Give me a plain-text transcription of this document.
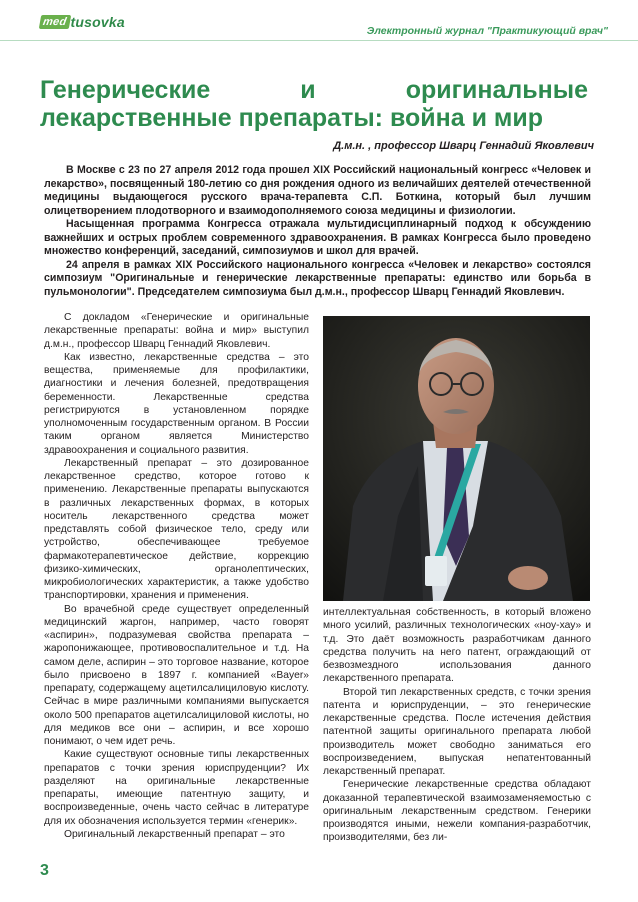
med tusovka
Электронный журнал "Практикующий врач"
Генерические и оригинальные лекарственные препараты: война и мир
Д.м.н. , профессор Шварц Геннадий Яковлевич

В Москве с 23 по 27 апреля 2012 года прошел XIX Российский национальный конгресс «Человек и лекарство», посвященный 180-летию со дня рождения одного из величайших деятелей отечественной медицины выдающегося русского врача-терапевта С.П. Боткина, который был лучшим олицетворением плодотворного и взаимодополняемого союза медицины и физиологии.

Насыщенная программа Конгресса отражала мультидисциплинарный подход к обсуждению важнейших и острых проблем современного здравоохранения. В рамках Конгресса было проведено множество конференций, заседаний, симпозиумов и школ для врачей.

24 апреля в рамках XIX Российского национального конгресса «Человек и лекарство» состоялся симпозиум "Оригинальные и генерические лекарственные препараты: единство или борьба в пульмонологии". Председателем симпозиума был д.м.н., профессор Шварц Геннадий Яковлевич.

С докладом «Генерические и оригинальные лекарственные препараты: война и мир» выступил д.м.н., профессор Шварц Геннадий Яковлевич.

Как известно, лекарственные средства – это вещества, применяемые для профилактики, диагностики и лечения болезней, предотвращения беременности. Лекарственные средства регистрируются в установленном порядке уполномоченным государственным органом. В России таким органом является Министерство здравоохранения и социального развития.

Лекарственный препарат – это дозированное лекарственное средство, которое готово к применению. Лекарственные препараты выпускаются в различных лекарственных формах, в которых носитель лекарственного средства может представлять собой физическое тело, среду или устройство, обеспечивающее требуемое фармакотерапевтическое действие, коррекцию физико-химических, органолептических, микробиологических характеристик, а также удобство транспортировки, хранения и применения.

Во врачебной среде существует определенный медицинский жаргон, например, часто говорят «аспирин», подразумевая свойства препарата – жаропонижающее, противовоспалительное и т.д. На самом деле, аспирин – это торговое название, которое было присвоено в 1897 г. компанией «Bayer» препарату, содержащему ацетилсалициловую кислоту. Сейчас в мире различными компаниями выпускается около 500 препаратов ацетилсалициловой кислоты, но для медиков все они – аспирин, и все хорошо понимают, о чем идет речь.

Какие существуют основные типы лекарственных препаратов с точки зрения юриспруденции? Их разделяют на оригинальные лекарственные препараты, имеющие патентную защиту, и воспроизведенные, очень часто сейчас в литературе для их обозначения используется термин «генерик».

Оригинальный лекарственный препарат – это

интеллектуальная собственность, в который вложено много усилий, различных технологических «ноу-хау» и т.д. Это даёт возможность разработчикам данного средства получить на него патент, ограждающий от безвозмездного использования данного лекарственного препарата.

Второй тип лекарственных средств, с точки зрения патента и юриспруденции, – это генерические лекарственные средства. После истечения действия патентной защиты оригинального препарата любой производитель может свободно заниматься его воспроизведением, выпуская непатентованный лекарственный препарат.

Генерические лекарственные средства обладают доказанной терапевтической взаимозаменяемостью с оригинальным лекарственным средством. Генерики производятся иными, нежели компания-разработчик, производителями, без ли-

3
